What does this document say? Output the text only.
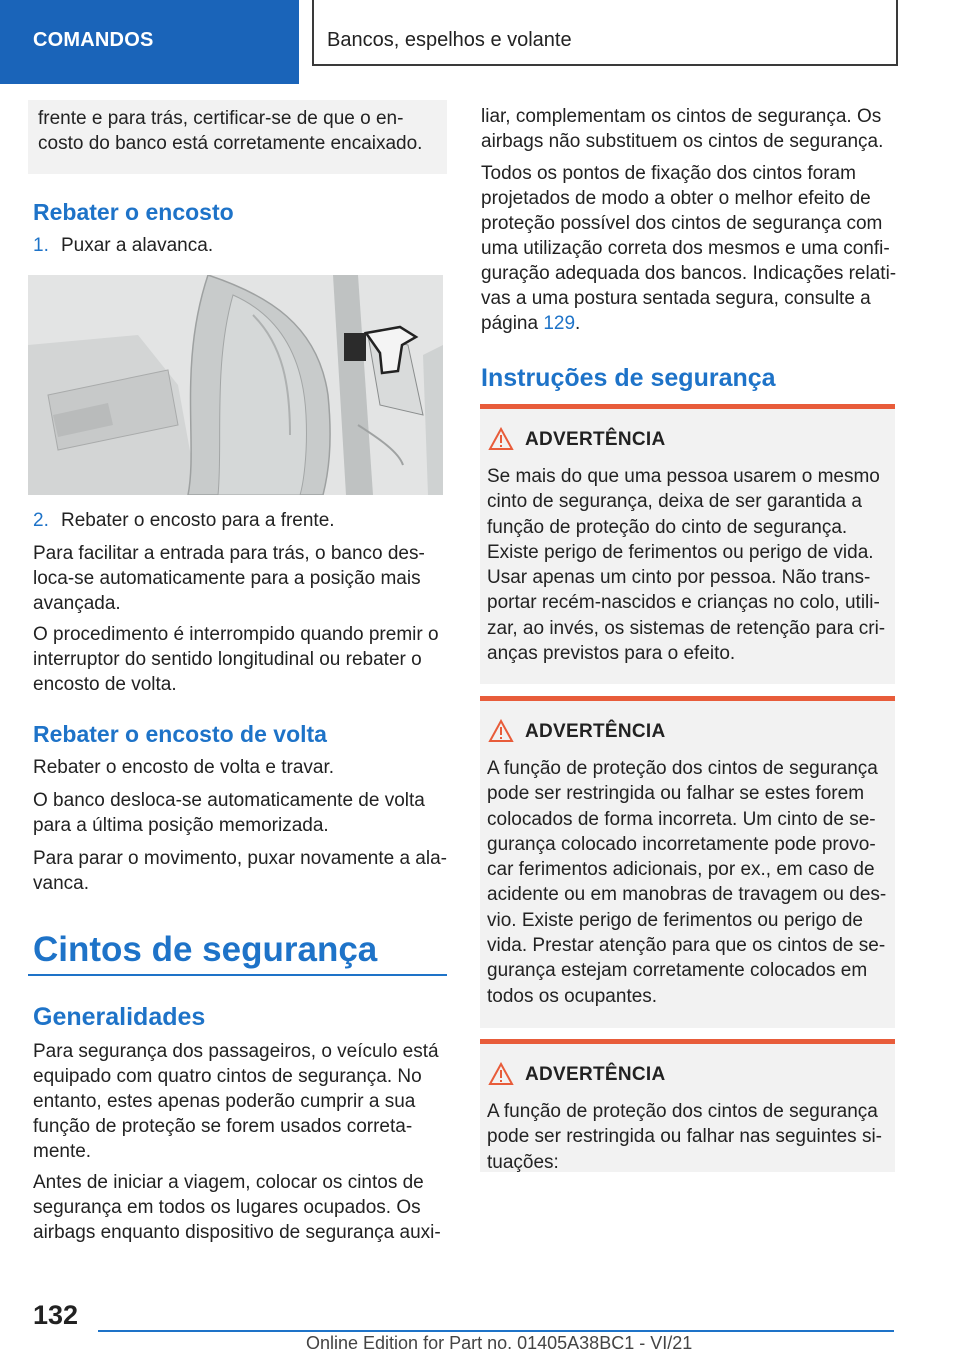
COMANDOS	Bancos, espelhos e volante

frente e para trás, certificar-se de que o en-costo do banco está corretamente encaixado.

Rebater o encosto
1. Puxar a alavanca.
2. Rebater o encosto para a frente.

Para facilitar a entrada para trás, o banco des-loca-se automaticamente para a posição mais avançada.

O procedimento é interrompido quando premir o interruptor do sentido longitudinal ou rebater o encosto de volta.

Rebater o encosto de volta

Rebater o encosto de volta e travar.

O banco desloca-se automaticamente de volta para a última posição memorizada.

Para parar o movimento, puxar novamente a ala-vanca.

Cintos de segurança
Generalidades

Para segurança dos passageiros, o veículo está equipado com quatro cintos de segurança. No entanto, estes apenas poderão cumprir a sua função de proteção se forem usados correta-mente.

Antes de iniciar a viagem, colocar os cintos de segurança em todos os lugares ocupados. Os airbags enquanto dispositivo de segurança auxi-

liar, complementam os cintos de segurança. Os airbags não substituem os cintos de segurança.

Todos os pontos de fixação dos cintos foram projetados de modo a obter o melhor efeito de proteção possível dos cintos de segurança com uma utilização correta dos mesmos e uma confi-guração adequada dos bancos. Indicações relati-vas a uma postura sentada segura, consulte a página 129.

Instruções de segurança
ADVERTÊNCIA
Se mais do que uma pessoa usarem o mesmo cinto de segurança, deixa de ser garantida a função de proteção do cinto de segurança. Existe perigo de ferimentos ou perigo de vida. Usar apenas um cinto por pessoa. Não trans-portar recém-nascidos e crianças no colo, utili-zar, ao invés, os sistemas de retenção para cri-anças previstos para o efeito.
ADVERTÊNCIA
A função de proteção dos cintos de segurança pode ser restringida ou falhar se estes forem colocados de forma incorreta. Um cinto de se-gurança colocado incorretamente pode provo-car ferimentos adicionais, por ex., em caso de acidente ou em manobras de travagem ou des-vio. Existe perigo de ferimentos ou perigo de vida. Prestar atenção para que os cintos de se-gurança estejam corretamente colocados em todos os ocupantes.
ADVERTÊNCIA
A função de proteção dos cintos de segurança pode ser restringida ou falhar nas seguintes si-tuações:
132
Online Edition for Part no. 01405A38BC1 - VI/21
